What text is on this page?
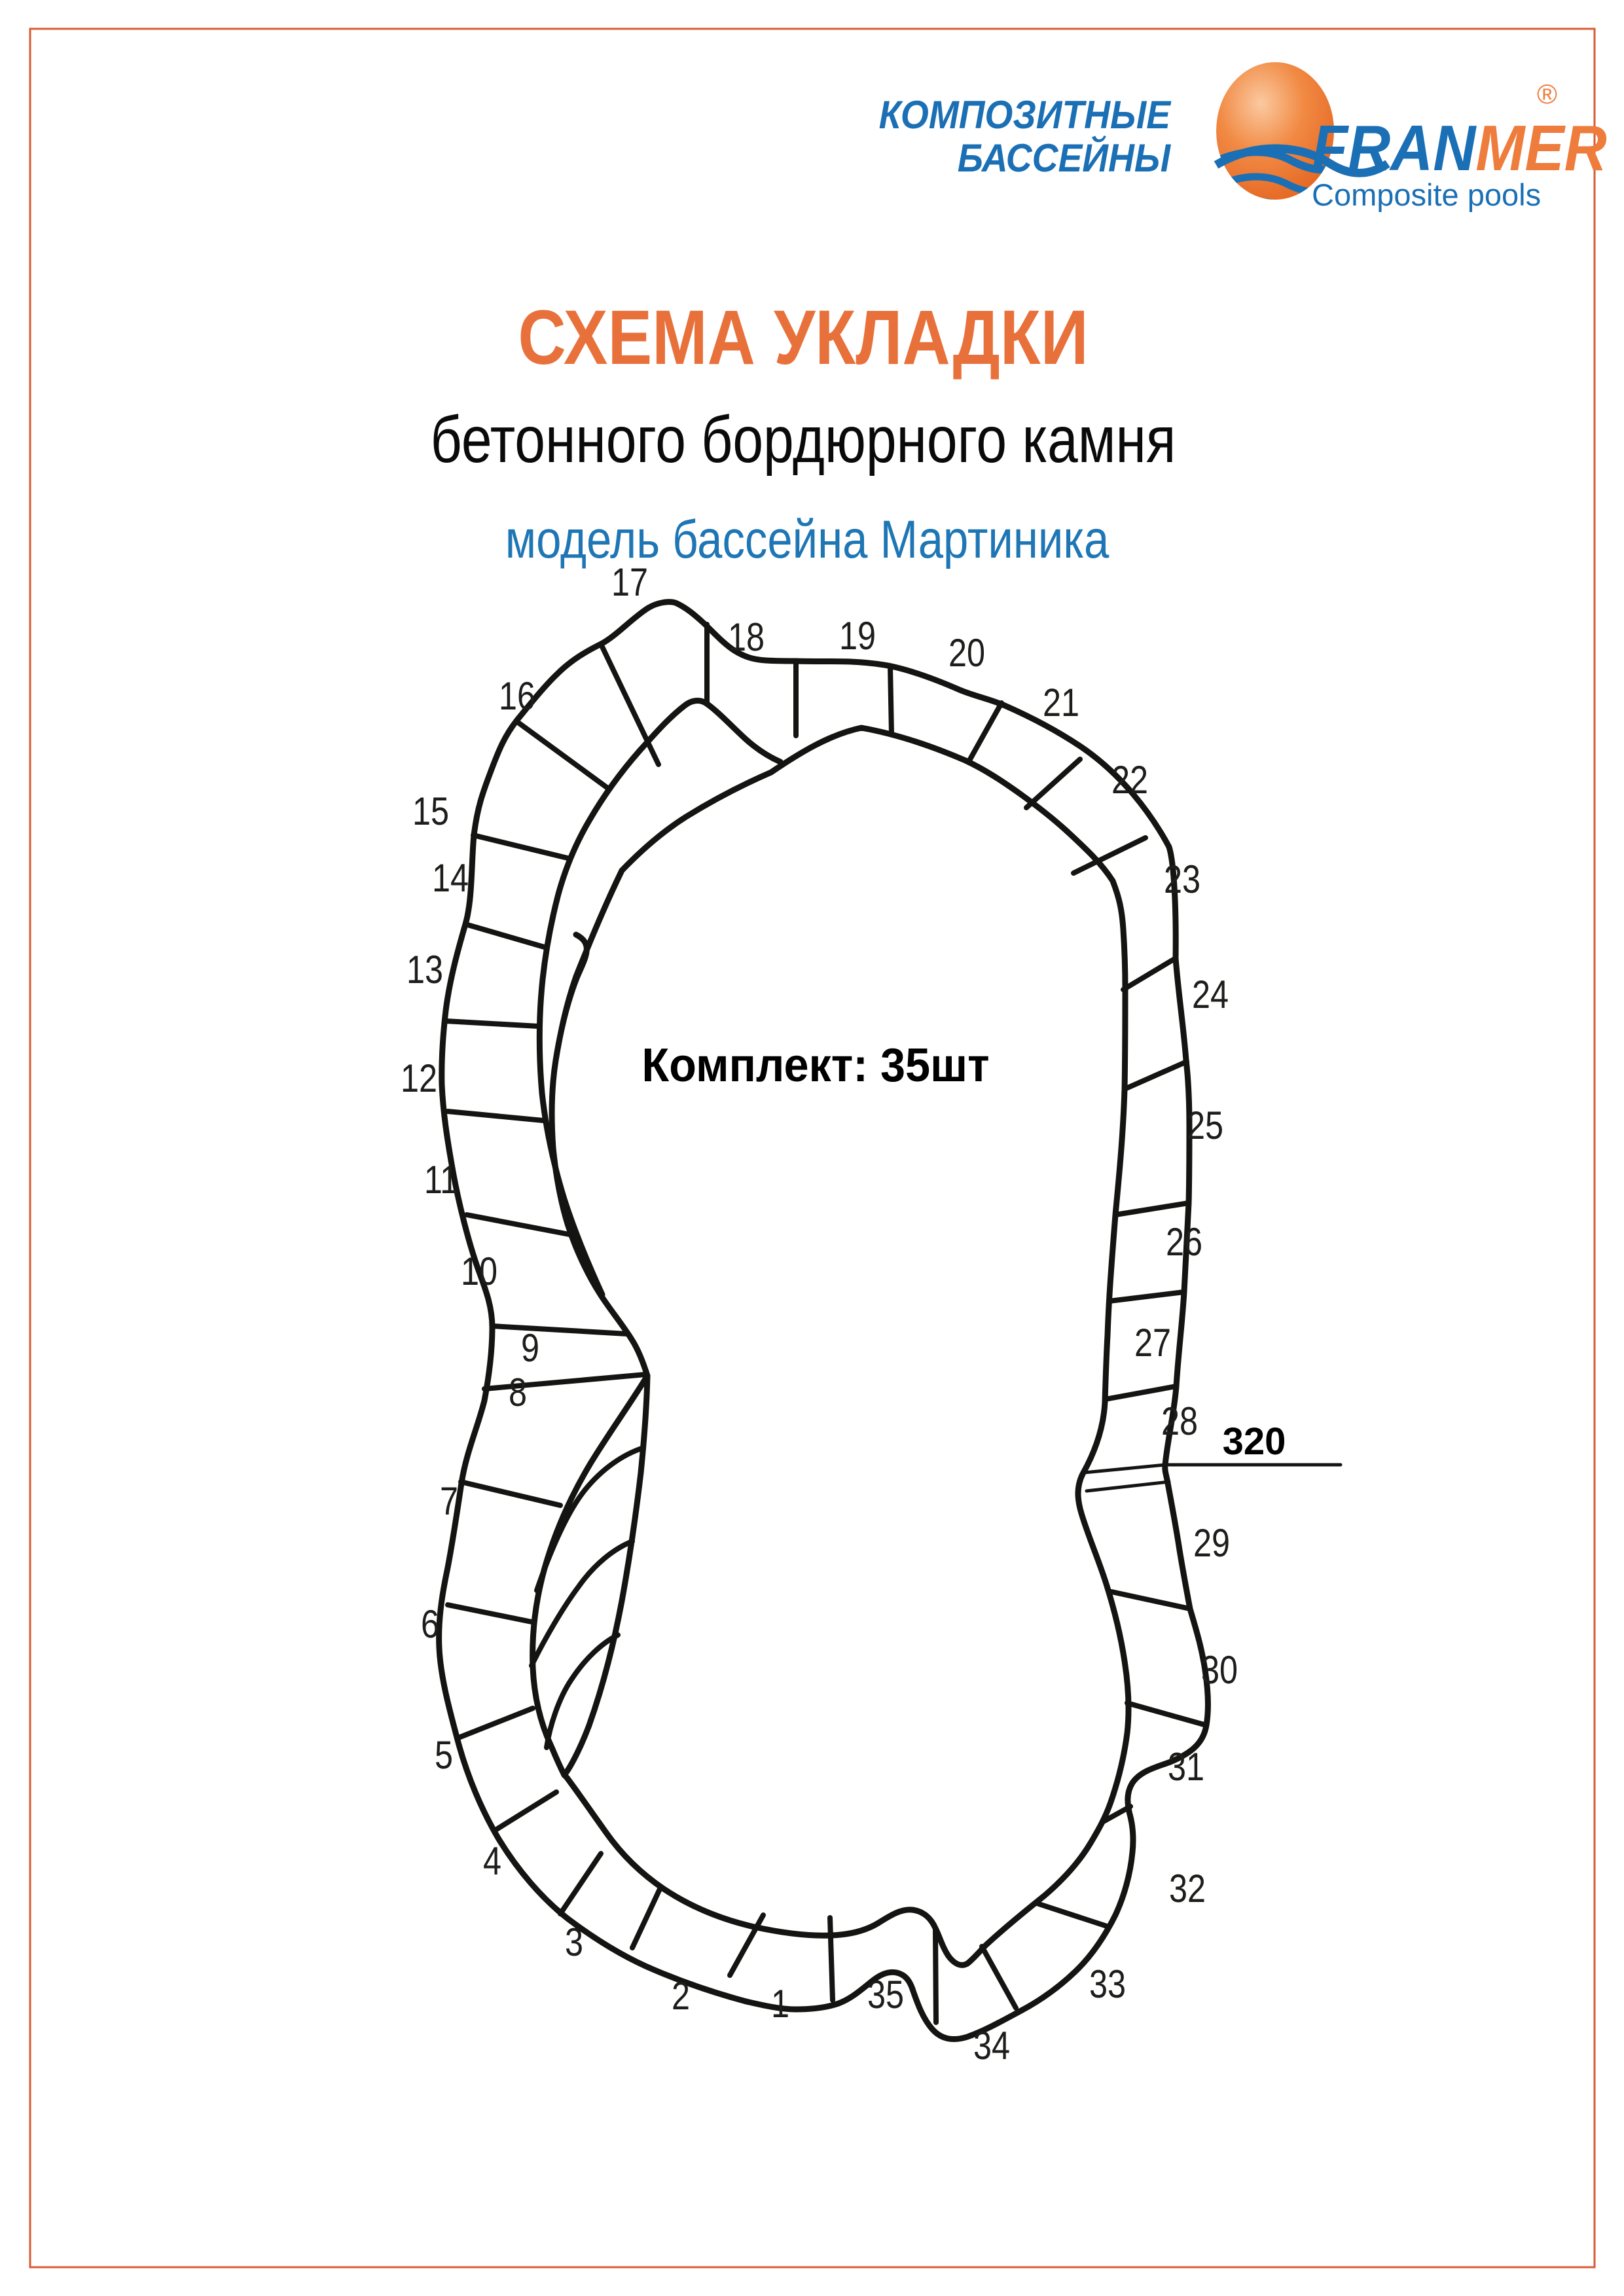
КОМПОЗИТНЫЕ
БАССЕЙНЫ FRANMER
®
Composite pools
СХЕМА УКЛАДКИ
бетонного бордюрного камня
модель бассейна Мартиника
320
Комплект: 35шт
1
2
3
4
5
6
7
8
9
10
11
12
13
14
15
16
17
18 19 20
21
22
23
24
25
26
27
28
29
30
31
32
33
34
35
